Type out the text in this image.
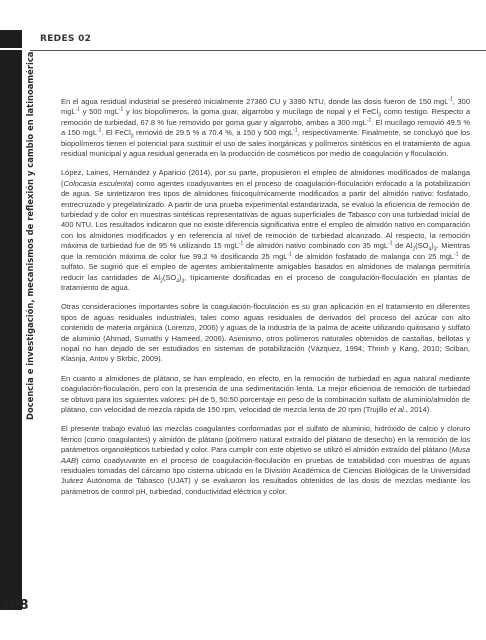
REDES 02
Docencia e investigación, mecanismos de reflexión y cambio en latinoamérica
108

En el agua residual industrial se presentó inicialmente 27360 CU y 3390 NTU, donde las dosis fueron de 150 mgL$^{-1}$, 300 mgL$^{-1}$ y 500 mgL$^{-1}$ y los biopolímeros, la goma guar, algarrobo y mucílago de nopal y el FeCl$_3$ como testigo. Respecto a remoción de turbiedad, 67.8 % fue removido por goma guar y algarrobo, ambas a 300 mgL$^{-1}$. El mucílago removió 49.5 % a 150 mgL$^{-1}$. El FeCl$_3$ removió de 29.5 % a 70.4 %, a 150 y 500 mgL$^{-1}$, respectivamente. Finalmente, se concluyó que los biopolímeros tienen el potencial para sustituir el uso de sales inorgánicas y polímeros sintéticos en el tratamiento de agua residual municipal y agua residual generada en la producción de cosméticos por medio de coagulación y floculación.

López, Laines, Hernández y Aparicio (2014), por su parte, propusieron el empleo de almidones modificados de malanga (Colocasia esculenta) como agentes coadyuvantes en el proceso de coagulación-floculación enfocado a la potabilización de agua. Se sintetizaron tres tipos de almidones fisicoquímicamente modificados a partir del almidón nativo: fosfatado, entrecruzado y pregelatinizado. A partir de una prueba experimental estandarizada, se evaluó la eficiencia de remoción de turbiedad y de color en muestras sintéticas representativas de aguas superficiales de Tabasco con una turbiedad inicial de 400 NTU. Los resultados indicaron que no existe diferencia significativa entre el empleo de almidón nativo en comparación con los almidones modificados y en referencia al nivel de remoción de turbiedad alcanzado. Al respecto, la remoción máxima de turbiedad fue de 95 % utilizando 15 mgL$^{-1}$ de almidón nativo combinado con 35 mgL$^{-1}$ de $Al_2(SO_4)_3$. Mientras que la remoción máxima de color fue 99.2 % dosificando 25 mgL$^{-1}$ de almidón fosfatado de malanga con 25 mgL$^{-1}$ de sulfato. Se sugirió que el empleo de agentes ambientalmente amigables basados en almidones de malanga permitiría reducir las cantidades de $Al_2(SO_4)_3$, típicamente dosificadas en el proceso de coagulación-floculación en plantas de tratamiento de agua.

Otras consideraciones importantes sobre la coagulación-floculación es su gran aplicación en el tratamiento en diferentes tipos de aguas residuales industriales, tales como aguas residuales de derivados del proceso del azúcar con alto contenido de materia orgánica (Lorenzo, 2006) y aguas de la industria de la palma de aceite utilizando quitosano y sulfato de aluminio (Ahmad, Sumathi y Hameed, 2006). Asimismo, otros polímeros naturales obtenidos de castañas, bellotas y nopal no han dejado de ser estudiados en sistemas de potabilización (Vázquez, 1994; Thrinh y Kang, 2010; Sciban, Klasnja, Antov y Skrbic, 2009).

En cuanto a almidones de plátano, se han empleado, en efecto, en la remoción de turbiedad en agua natural mediante coagulación-floculación, pero con la presencia de una sedimentación lenta. La mejor eficiencia de remoción de turbiedad se obtuvo para los siguientes valores: pH de 5, 50:50 porcentaje en peso de la combinación sulfato de aluminio/almidón de plátano, con velocidad de mezcla rápida de 150 rpm, velocidad de mezcla lenta de 20 rpm (Trujillo et al., 2014).

El presente trabajo evaluó las mezclas coagulantes conformadas por el sulfato de aluminio, hidróxido de calcio y cloruro férrico (como coagulantes) y almidón de plátano (polímero natural extraído del plátano de desecho) en la remoción de los parámetros organolépticos turbiedad y color. Para cumplir con este objetivo se utilizó el almidón extraído del plátano (Musa AAB) como coadyuvante en el proceso de coagulación-floculación en pruebas de tratabilidad con muestras de aguas residuales tomadas del cárcamo tipo cisterna ubicado en la División Académica de Ciencias Biológicas de la Universidad Juárez Autónoma de Tabasco (UJAT) y se evaluaron los resultados obtenidos de las dosis de mezclas mediante los parámetros de control pH, turbiedad, conductividad eléctrica y color.
